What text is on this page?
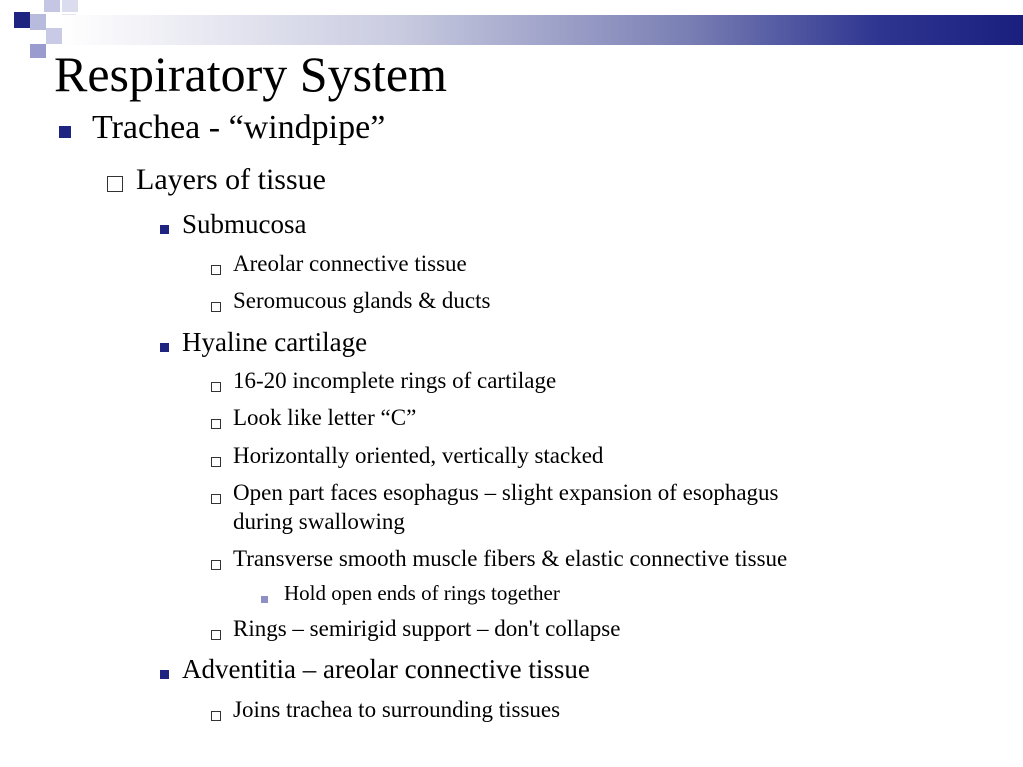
Respiratory System
Trachea - “windpipe”
Layers of tissue
Submucosa
Areolar connective tissue
Seromucous glands & ducts
Hyaline cartilage
16-20 incomplete rings of cartilage
Look like letter “C”
Horizontally oriented, vertically stacked
Open part faces esophagus – slight expansion of esophagus
during swallowing
Transverse smooth muscle fibers & elastic connective tissue
Hold open ends of rings together
Rings – semirigid support – don't collapse
Adventitia – areolar connective tissue
Joins trachea to surrounding tissues
